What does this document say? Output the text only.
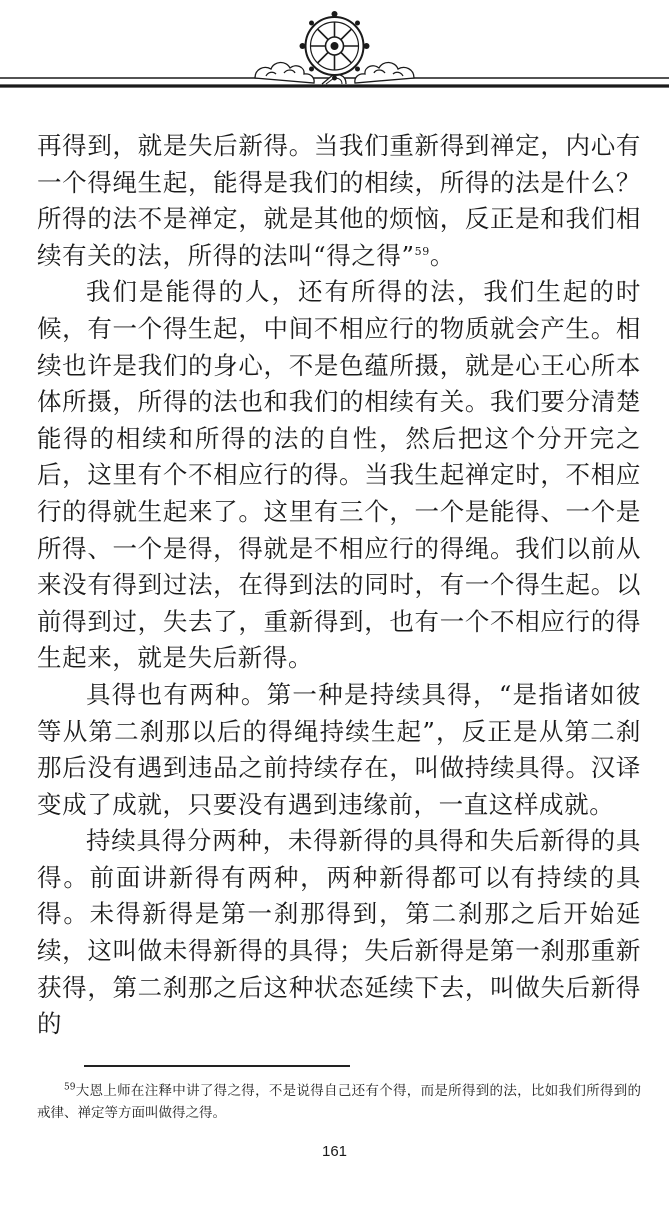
再得到，就是失后新得。当我们重新得到禅定，内心有一个得绳生起，能得是我们的相续，所得的法是什么？所得的法不是禅定，就是其他的烦恼，反正是和我们相续有关的法，所得的法叫“得之得”$^{59}$。

我们是能得的人，还有所得的法，我们生起的时候，有一个得生起，中间不相应行的物质就会产生。相续也许是我们的身心，不是色蕴所摄，就是心王心所本体所摄，所得的法也和我们的相续有关。我们要分清楚能得的相续和所得的法的自性，然后把这个分开完之后，这里有个不相应行的得。当我生起禅定时，不相应行的得就生起来了。这里有三个，一个是能得、一个是所得、一个是得，得就是不相应行的得绳。我们以前从来没有得到过法，在得到法的同时，有一个得生起。以前得到过，失去了，重新得到，也有一个不相应行的得生起来，就是失后新得。

具得也有两种。第一种是持续具得，“是指诸如彼等从第二刹那以后的得绳持续生起”，反正是从第二刹那后没有遇到违品之前持续存在，叫做持续具得。汉译变成了成就，只要没有遇到违缘前，一直这样成就。

持续具得分两种，未得新得的具得和失后新得的具得。前面讲新得有两种，两种新得都可以有持续的具得。未得新得是第一刹那得到，第二刹那之后开始延续，这叫做未得新得的具得；失后新得是第一刹那重新获得，第二刹那之后这种状态延续下去，叫做失后新得的

$^{59}$大恩上师在注释中讲了得之得，不是说得自己还有个得，而是所得到的法，比如我们所得到的戒律、禅定等方面叫做得之得。
161
